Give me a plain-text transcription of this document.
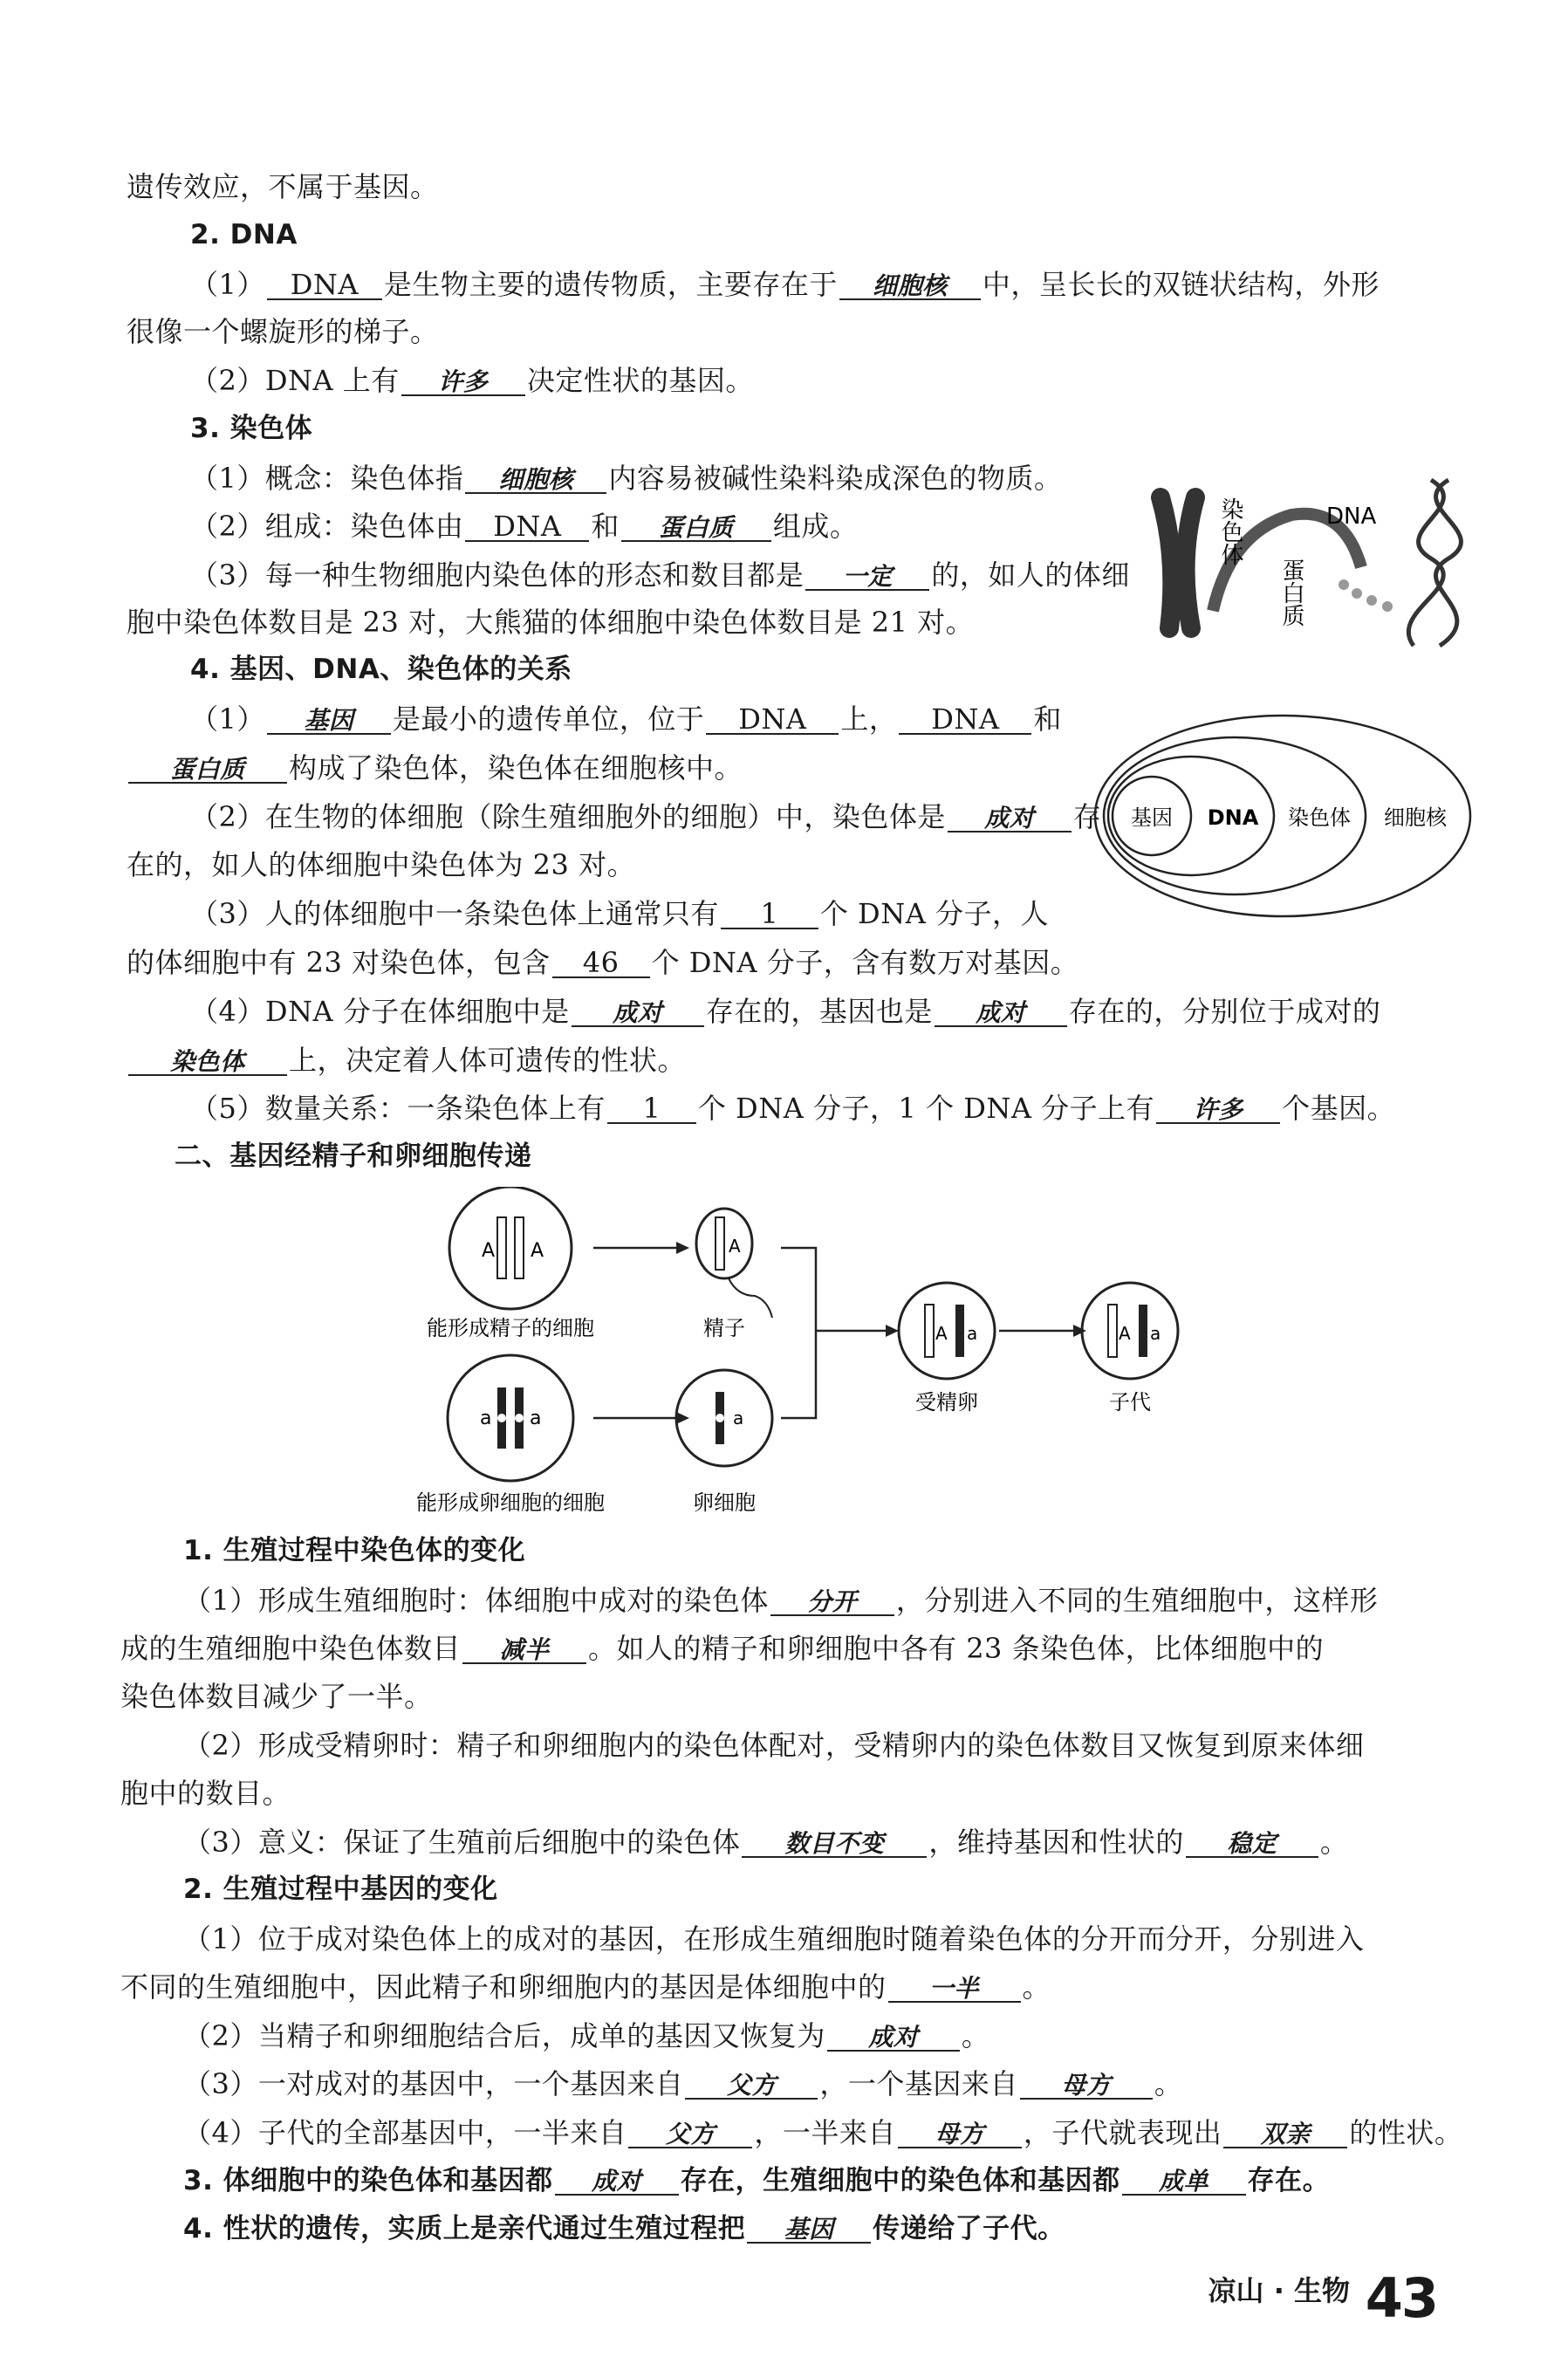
遗传效应，不属于基因。
2. DNA
（1） DNA 是生物主要的遗传物质，主要存在于 细胞核 中，呈长长的双链状结构，外形
很像一个螺旋形的梯子。
（2）DNA 上有 许多 决定性状的基因。
3. 染色体
（1）概念：染色体指 细胞核 内容易被碱性染料染成深色的物质。
（2）组成：染色体由 DNA 和 蛋白质 组成。
（3）每一种生物细胞内染色体的形态和数目都是 一定 的，如人的体细
胞中染色体数目是 23 对，大熊猫的体细胞中染色体数目是 21 对。
染色体	DNA
蛋白质
4. 基因、DNA、染色体的关系
（1） 基因 是最小的遗传单位，位于 DNA 上， DNA 和
蛋白质 构成了染色体，染色体在细胞核中。
（2）在生物的体细胞（除生殖细胞外的细胞）中，染色体是 成对 存
在的，如人的体细胞中染色体为 23 对。
（3）人的体细胞中一条染色体上通常只有 1 个 DNA 分子，人
的体细胞中有 23 对染色体，包含 46 个 DNA 分子，含有数万对基因。
（4）DNA 分子在体细胞中是 成对 存在的，基因也是 成对 存在的，分别位于成对的
染色体 上，决定着人体可遗传的性状。
（5）数量关系：一条染色体上有 1 个 DNA 分子，1 个 DNA 分子上有 许多 个基因。
基因 DNA 染色体 细胞核
二、基因经精子和卵细胞传递
A A	A
a a	a
A a	A a
能形成精子的细胞	精子
能形成卵细胞的细胞	卵细胞
受精卵	子代
1. 生殖过程中染色体的变化
（1）形成生殖细胞时：体细胞中成对的染色体 分开 ，分别进入不同的生殖细胞中，这样形
成的生殖细胞中染色体数目 减半 。如人的精子和卵细胞中各有 23 条染色体，比体细胞中的
染色体数目减少了一半。
（2）形成受精卵时：精子和卵细胞内的染色体配对，受精卵内的染色体数目又恢复到原来体细
胞中的数目。
（3）意义：保证了生殖前后细胞中的染色体 数目不变 ，维持基因和性状的 稳定 。
2. 生殖过程中基因的变化
（1）位于成对染色体上的成对的基因，在形成生殖细胞时随着染色体的分开而分开，分别进入
不同的生殖细胞中，因此精子和卵细胞内的基因是体细胞中的 一半 。
（2）当精子和卵细胞结合后，成单的基因又恢复为 成对 。
（3）一对成对的基因中，一个基因来自 父方 ，一个基因来自 母方 。
（4）子代的全部基因中，一半来自 父方 ，一半来自 母方 ，子代就表现出 双亲 的性状。
3. 体细胞中的染色体和基因都 成对 存在，生殖细胞中的染色体和基因都 成单 存在。
4. 性状的遗传，实质上是亲代通过生殖过程把 基因 传递给了子代。
凉山 · 生物 43
